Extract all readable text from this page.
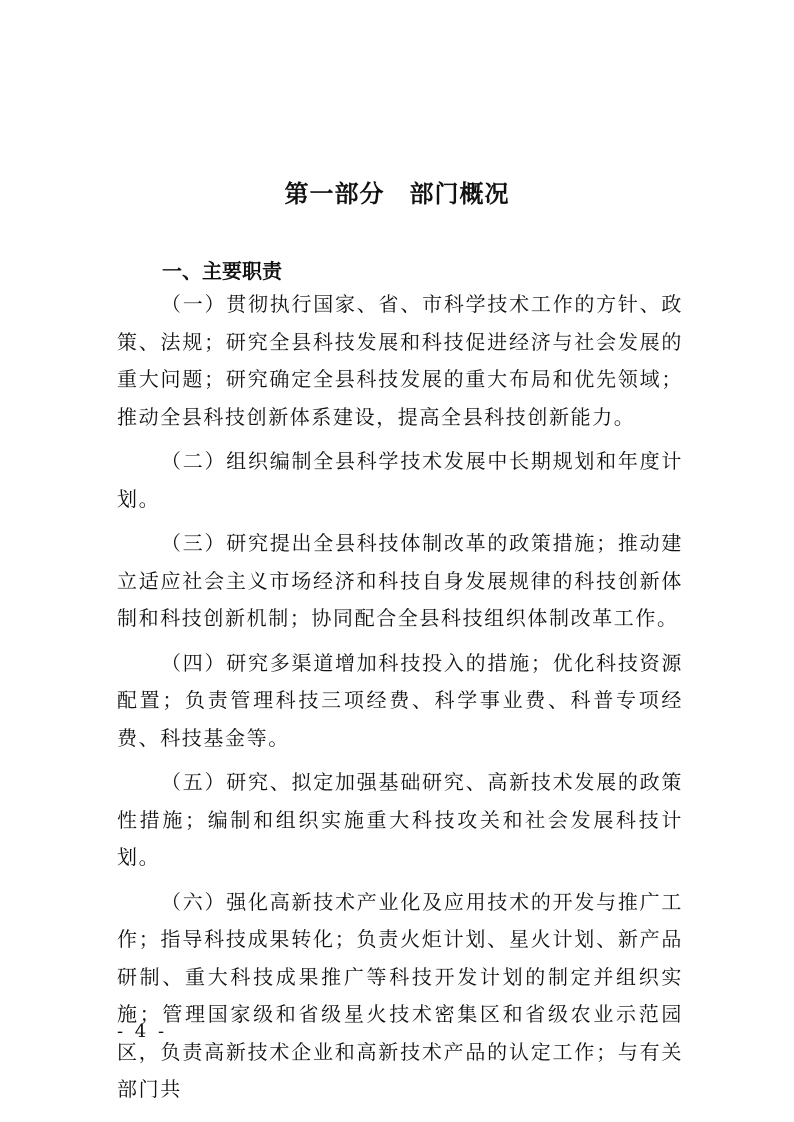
第一部分　部门概况
一、主要职责

（一）贯彻执行国家、省、市科学技术工作的方针、政策、法规；研究全县科技发展和科技促进经济与社会发展的重大问题；研究确定全县科技发展的重大布局和优先领域；推动全县科技创新体系建设，提高全县科技创新能力。

（二）组织编制全县科学技术发展中长期规划和年度计划。

（三）研究提出全县科技体制改革的政策措施；推动建立适应社会主义市场经济和科技自身发展规律的科技创新体制和科技创新机制；协同配合全县科技组织体制改革工作。

（四）研究多渠道增加科技投入的措施；优化科技资源配置；负责管理科技三项经费、科学事业费、科普专项经费、科技基金等。

（五）研究、拟定加强基础研究、高新技术发展的政策性措施；编制和组织实施重大科技攻关和社会发展科技计划。

（六）强化高新技术产业化及应用技术的开发与推广工作；指导科技成果转化；负责火炬计划、星火计划、新产品研制、重大科技成果推广等科技开发计划的制定并组织实施；管理国家级和省级星火技术密集区和省级农业示范园区，负责高新技术企业和高新技术产品的认定工作；与有关部门共

- 4 -
